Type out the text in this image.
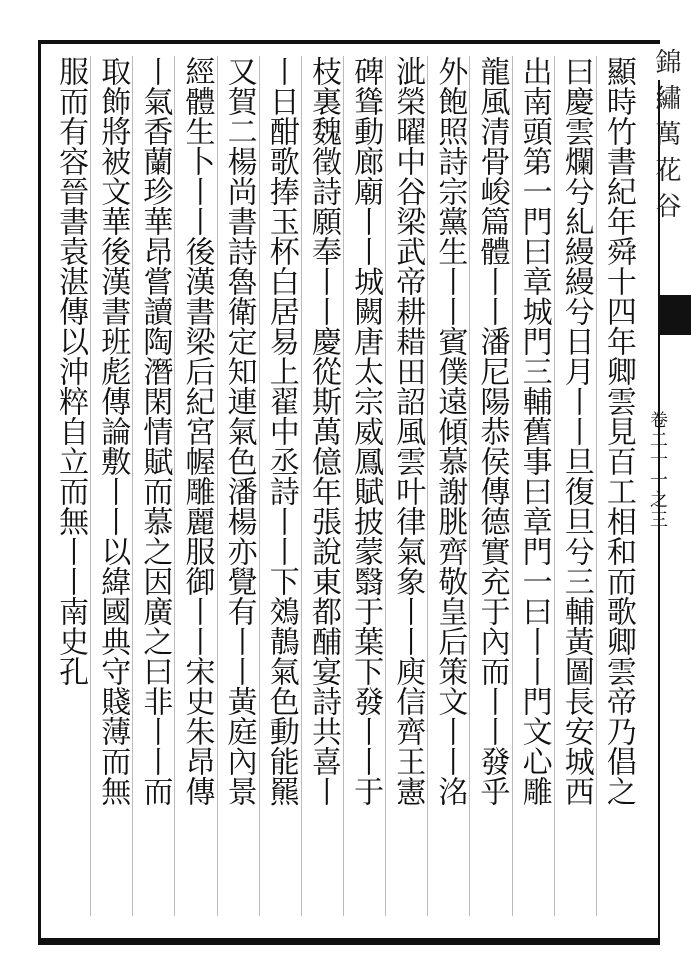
錦繡萬花谷
卷二十一之三
顯時竹書紀年舜十四年卿雲見百工相和而歌卿雲帝乃倡之
曰慶雲爛兮糺縵縵兮日月丨丨旦復旦兮三輔黃圖長安城西
出南頭第一門曰章城門三輔舊事曰章門一曰丨丨門文心雕
龍風清骨峻篇體丨丨潘尼陽恭侯傳德實充于內而丨丨發乎
外飽照詩宗黨生丨丨賓僕遠傾慕謝朓齊敬皇后策文丨丨洺
泚榮曜中谷梁武帝耕耤田詔風雲叶律氣象丨丨庾信齊王憲
碑聳動廊廟丨丨城闕唐太宗威鳳賦披蒙翳于葉下發丨丨于
枝裏魏徵詩願奉丨丨慶從斯萬億年張說東都酺宴詩共喜丨
丨日酣歌捧玉杯白居易上翟中丞詩丨丨下鵁鶄氣色動能羆
又賀二楊尚書詩魯衛定知連氣色潘楊亦覺有丨丨黃庭內景
經體生卜丨丨後漢書梁后紀宮幄雕麗服御丨丨宋史朱昂傳
丨氣香蘭珍華昂嘗讀陶潛閑情賦而慕之因廣之曰非丨丨而
取飾將被文華後漢書班彪傳論敷丨丨以緯國典守賤薄而無
服而有容晉書袁湛傳以沖粹自立而無丨丨南史孔
